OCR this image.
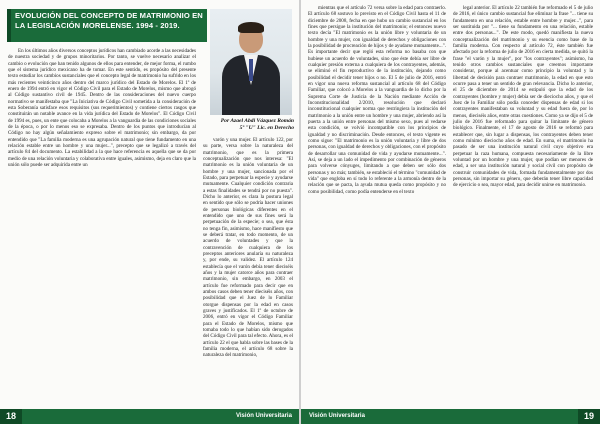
EVOLUCIÓN DEL CONCEPTO DE MATRIMONIO EN LA LEGISLACIÓN MORELENSE. 1994 - 2019.
Por Azael Abdi Vázquez Román
5º "U" Lic. en Derecho

En los últimos años diversos conceptos jurídicos han cambiado acorde a las necesidades de nuestra sociedad y de grupos minoritarios. Por tanto, se vuelve necesario analizar el cambio o evolución que han tenido algunos de ellos para entender, de mejor forma, el rumbo que el sistema jurídico mexicano ha de tomar. En este sentido, es propósito del presente texto estudiar los cambios sustanciales que el concepto legal de matrimonio ha sufrido en los más recientes veinticinco años dentro del marco jurídico del Estado de Morelos. El 1º de enero de 1994 entró en vigor el Código Civil para el Estado de Morelos, mismo que abrogó al Código sustantivo civil de 1945. Dentro de las consideraciones del nuevo cuerpo normativo se manifestaba que "La Iniciativa de Código Civil sometida a la consideración de esta Soberanía satisface esos requisitos (sus requerimientos) y contiene ciertos rasgos que constituirán un notable avance en la vida jurídica del Estado de Morelos". El Código Civil de 1994 es, pues, un ente que colocaba a Morelos a la vanguardia de las condiciones sociales de la época, o por lo menos eso se expresaba. Dentro de los puntos que introducían al Código no hay algún señalamiento expreso sobre el matrimonio; sin embargo, da por entendido que "La familia moderna es una agrupación natural que tiene fundamento en una relación estable entre un hombre y una mujer...", precepto que se legalizó a través del artículo 84 del documento. La estabilidad a la que hace referencia es aquella que se da por medio de una relación voluntaria y colaborativa entre iguales, asimismo, deja en claro que la unión sólo puede ser adquirida entre un

varón y una mujer. El artículo 122, por su parte, versa sobre la naturaleza del matrimonio, que es la primera conceptualización que nos interesa: "El matrimonio es la unión voluntaria de un hombre y una mujer, sancionada por el Estado, para perpetuar la especie y ayudarse mutuamente. Cualquier condición contraria a estas finalidades se tendrá por no puesta". Dicho lo anterior, es clara la postura legal en sentido que sólo se podría hacer uniones de personas biológicas diferentes en el entendido que uno de sus fines será la perpetuación de la especie; o sea, que ésta no tenga fin, asimismo, hace manifiesto que se deberá tratar, en todo momento, de un acuerdo de voluntades y que la contravención de cualquiera de los preceptos anteriores anularía su naturaleza y, por ende, su validez. El artículo 124 establecía que el varón debía tener dieciséis años y la mujer catorce años para contraer matrimonio, sin embargo, en 2003 el artículo fue reformado para decir que en ambos casos deben tener dieciséis años, con posibilidad que el Juez de lo Familiar otorgue dispensas por la edad en casos graves y justificados. El 1º de octubre de 2006, entró en vigor el Código Familiar para el Estado de Morelos, mismo que tomaba todo lo que habían sido derogados del Código Civil para tal efecto. Ahora, es el artículo 22 el que habla sobre las bases de la familia moderna, el artículo 68 sobre la naturaleza del matrimonio,

18	Visión Universitaria

mientras que el artículo 72 versa sobre la edad para contraerlo. El artículo 68 sostuvo lo previsto en el Código Civil hasta el 11 de diciembre de 2008, fecha en que hubo un cambio sustancial en los fines que persigue la institución del matrimonio; el entonces nuevo texto decía "El matrimonio es la unión libre y voluntaria de un hombre y una mujer, con igualdad de derechos y obligaciones con la posibilidad de procreación de hijos y de ayudarse mutuamente...". Es importante decir que regló esta reforma no basaba con que hubiese un acuerdo de voluntades, sino que éste debía ser libre de cualquier presión externa a cualquiera de los contrayentes, además, se eliminó el fin reproductivo de la institución, dejando como posibilidad el decidir tener hijos o no. El 5 de julio de 2016, entró en vigor una nueva reforma sustancial al artículo 68 del Código Familiar, que colocó a Morelos a la vanguardia de lo dicho por la Suprema Corte de Justicia de la Nación mediante Acción de Inconstitucionalidad 2/2010, resolución que declaró inconstitucional cualquier norma que restringiera la institución del matrimonio a la unión entre un hombre y una mujer, abriendo así la puerta a la unión entre personas del mismo sexo, pues al vedarse esta condición, se volvió incompatible con los principios de igualdad y no discriminación. Desde entonces, el texto vigente es como sigue: "El matrimonio es la unión voluntaria y libre de dos personas, con igualdad de derechos y obligaciones, con el propósito de desarrollar una comunidad de vida y ayudarse mutuamente...". Así, se deja a un lado el impedimento por combinación de géneros para volverse cónyuges, limitando a que deben ser sólo dos personas y no más; también, se estableció el término "comunidad de vida" que engloba en sí todo lo referente a la armonía dentro de la relación que se pacta, la ayuda mutua queda como propósito y no como posibilidad, como podía entenderse en el texto

legal anterior. El artículo 22 también fue reformado el 5 de julio de 2016, el único cambio sustancial fue eliminar la frase "... tiene su fundamento en una relación, estable entre hombre y mujer...", para ser sustituida por "... tiene su fundamento en una relación, estable entre dos personas...". De este modo, quedó manifiesta la nueva conceptualización del matrimonio y su esencia como base de la familia moderna. Con respecto al artículo 72, éste también fue afectado por la reforma de julio de 2016 en cierta medida, se quitó la frase "el varón y la mujer", por "los contrayentes"; asimismo, ha tenido otros cambios sustanciales que creemos importante considerar, porque al acentuar como principio la voluntad y la libertad de decisión para contraer matrimonio, la edad en que esto ocurre pasa a tener un sentido de gran relevancia. Dicho lo anterior, el 25 de diciembre de 2014 se estipuló que la edad de los contrayentes (hombre y mujer) debía ser de dieciocho años, y que el Juez de lo Familiar sólo podía conceder dispensas de edad si los contrayentes manifestaban su voluntad y su edad fuera de, por lo menos, dieciséis años, entre otras cuestiones. Como ya se dijo el 5 de julio de 2016 fue reformado para quitar la limitante de género biológico. Finalmente, el 17 de agosto de 2016 se reformó para establecer que, sin lugar a dispensas, los contrayentes deben tener como mínimo dieciocho años de edad. En suma, el matrimonio ha pasado de ser una institución natural civil cuyo objetivo era perpetuar la raza humana, compuesta necesariamente de la libre voluntad por un hombre y una mujer, que podían ser menores de edad, a ser una institución natural y social civil con propósito de construir comunidades de vida, formada fundamentalmente por dos personas, sin importar su género, que deberán tener libre capacidad de ejercicio o sea, mayor edad, para decidir unirse en matrimonio.

Visión Universitaria	19
